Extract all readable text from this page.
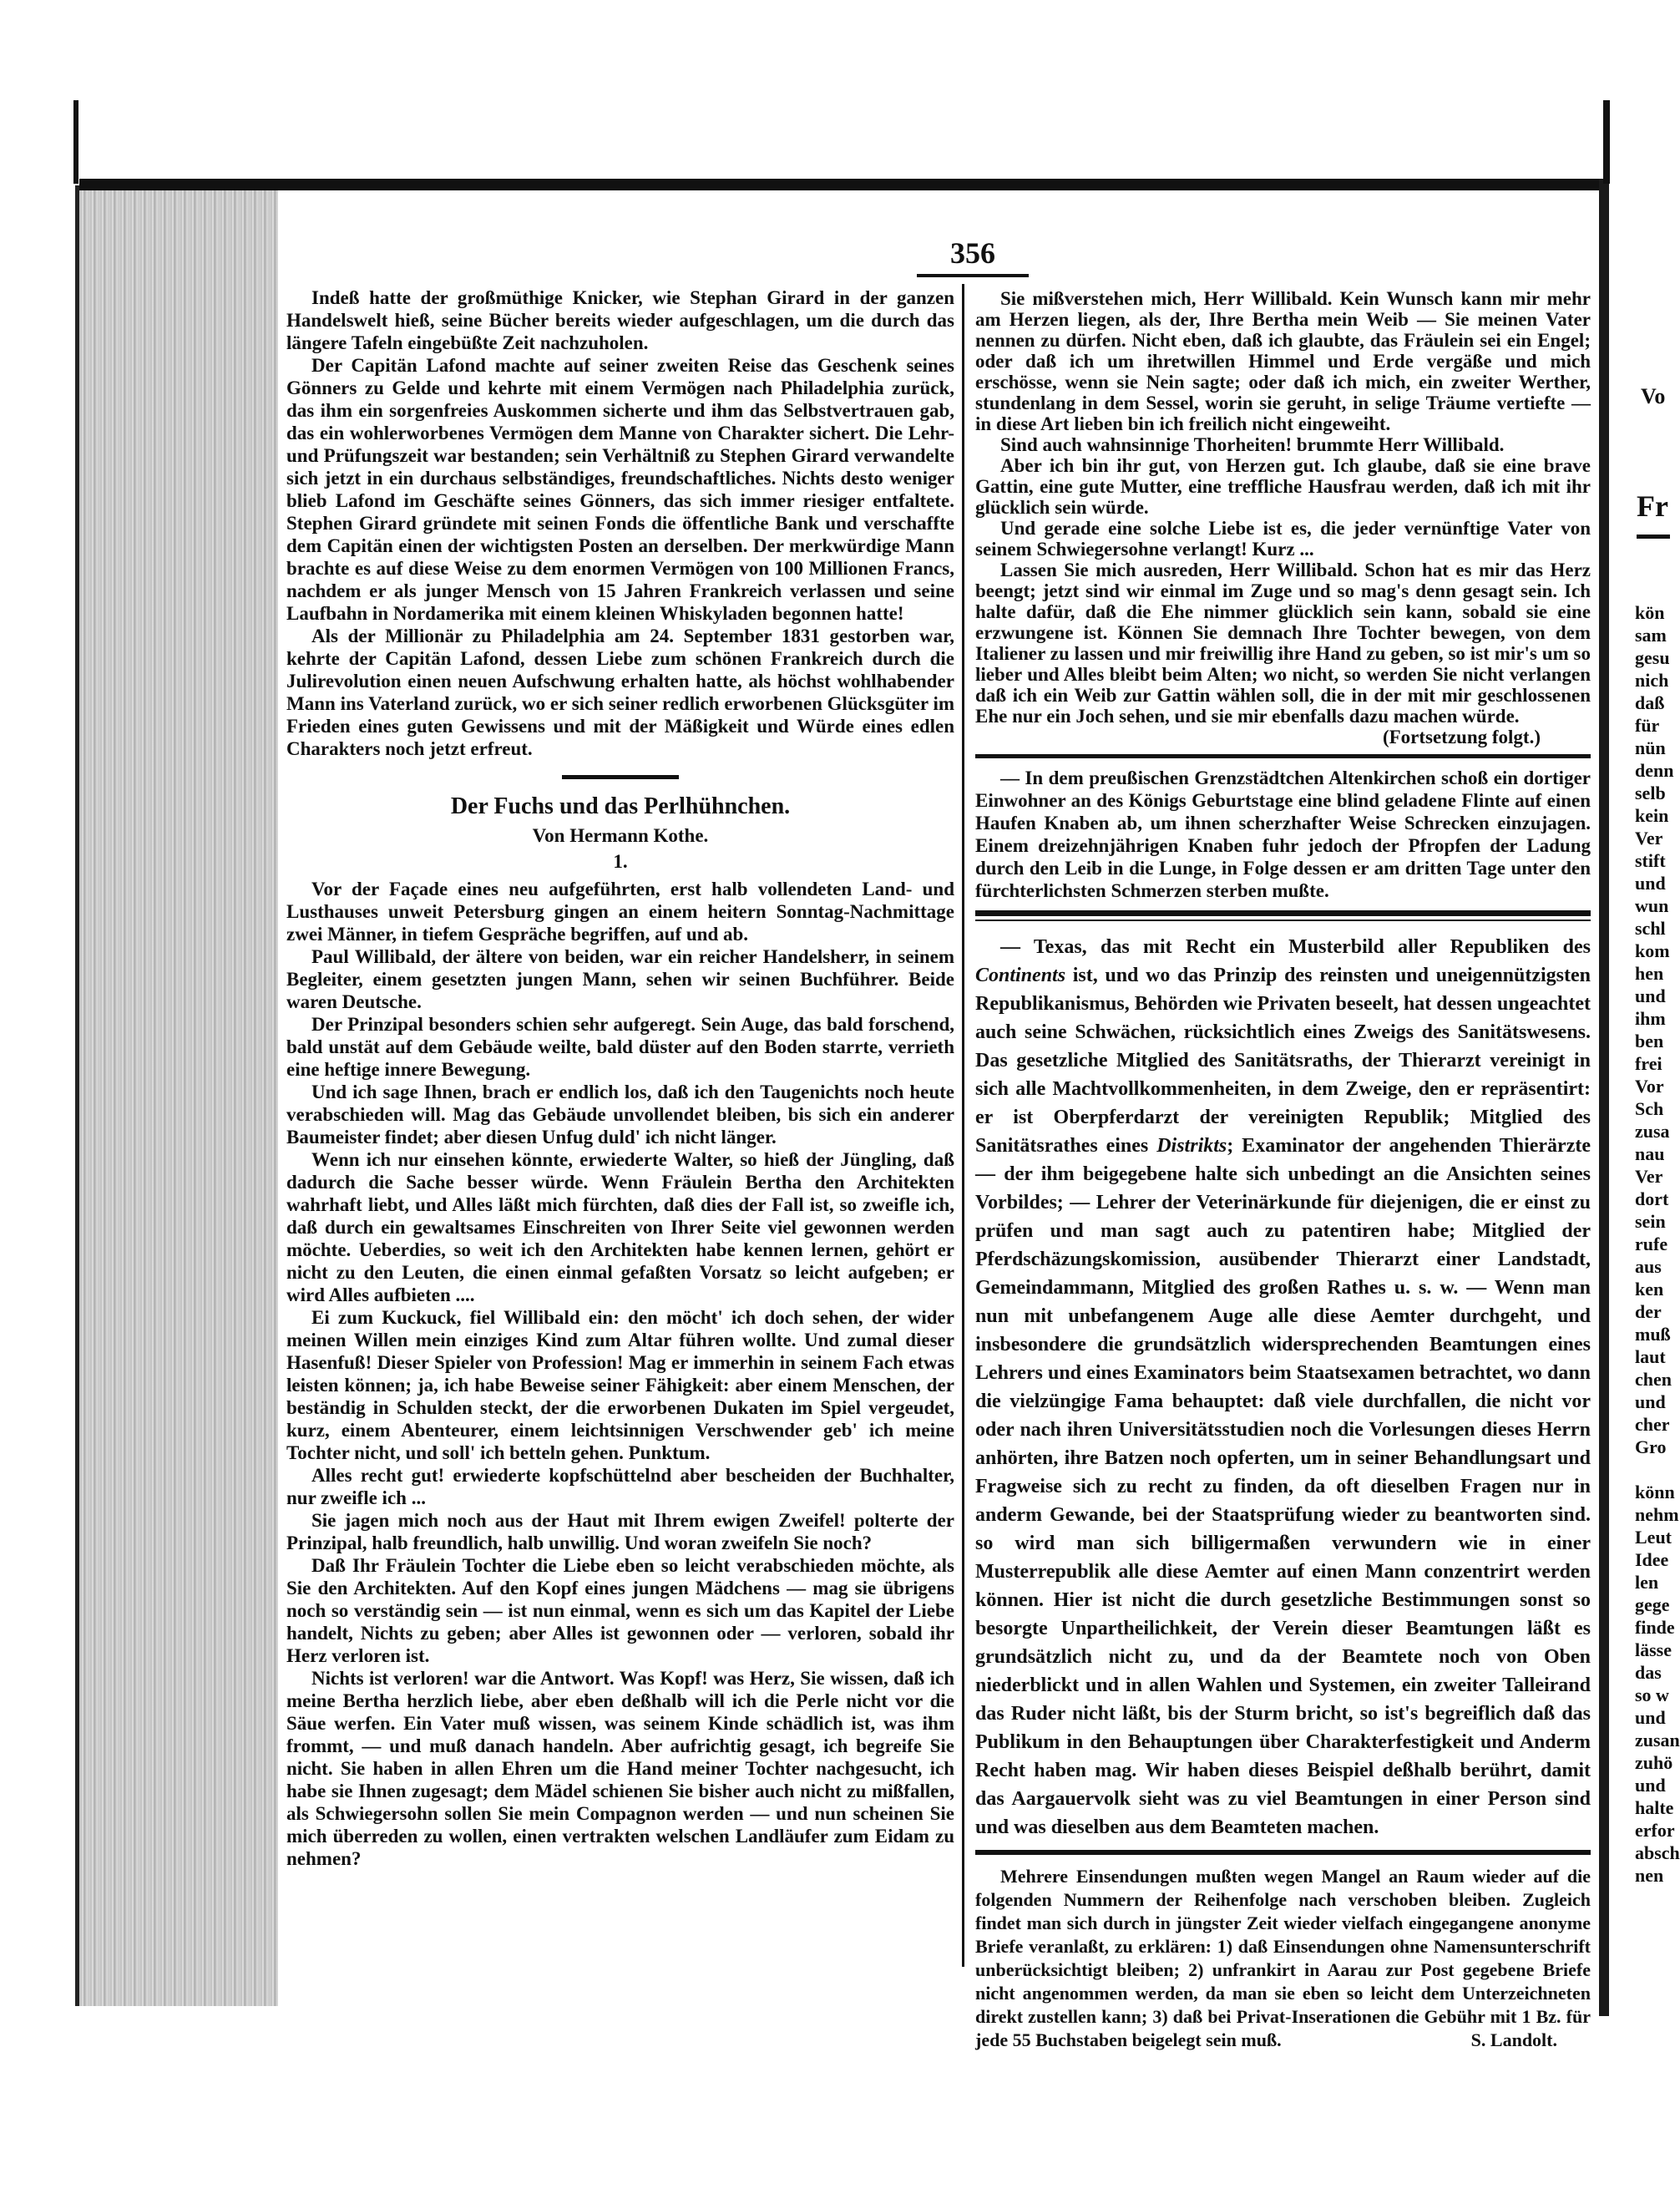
356

Indeß hatte der großmüthige Knicker, wie Stephan Girard in der ganzen Handelswelt hieß, seine Bücher bereits wieder aufgeschlagen, um die durch das längere Tafeln eingebüßte Zeit nachzuholen.

Der Capitän Lafond machte auf seiner zweiten Reise das Geschenk seines Gönners zu Gelde und kehrte mit einem Vermögen nach Philadelphia zurück, das ihm ein sorgenfreies Auskommen sicherte und ihm das Selbstvertrauen gab, das ein wohlerworbenes Vermögen dem Manne von Charakter sichert. Die Lehr- und Prüfungszeit war bestanden; sein Verhältniß zu Stephen Girard verwandelte sich jetzt in ein durchaus selbständiges, freundschaftliches. Nichts desto weniger blieb Lafond im Geschäfte seines Gönners, das sich immer riesiger entfaltete. Stephen Girard gründete mit seinen Fonds die öffentliche Bank und verschaffte dem Capitän einen der wichtigsten Posten an derselben. Der merkwürdige Mann brachte es auf diese Weise zu dem enormen Vermögen von 100 Millionen Francs, nachdem er als junger Mensch von 15 Jahren Frankreich verlassen und seine Laufbahn in Nordamerika mit einem kleinen Whiskyladen begonnen hatte!

Als der Millionär zu Philadelphia am 24. September 1831 gestorben war, kehrte der Capitän Lafond, dessen Liebe zum schönen Frankreich durch die Julirevolution einen neuen Aufschwung erhalten hatte, als höchst wohlhabender Mann ins Vaterland zurück, wo er sich seiner redlich erworbenen Glücksgüter im Frieden eines guten Gewissens und mit der Mäßigkeit und Würde eines edlen Charakters noch jetzt erfreut.

Der Fuchs und das Perlhühnchen.

Von Hermann Kothe.

1.

Vor der Façade eines neu aufgeführten, erst halb vollendeten Land- und Lusthauses unweit Petersburg gingen an einem heitern Sonntag-Nachmittage zwei Männer, in tiefem Gespräche begriffen, auf und ab.

Paul Willibald, der ältere von beiden, war ein reicher Handelsherr, in seinem Begleiter, einem gesetzten jungen Mann, sehen wir seinen Buchführer. Beide waren Deutsche.

Der Prinzipal besonders schien sehr aufgeregt. Sein Auge, das bald forschend, bald unstät auf dem Gebäude weilte, bald düster auf den Boden starrte, verrieth eine heftige innere Bewegung.

Und ich sage Ihnen, brach er endlich los, daß ich den Taugenichts noch heute verabschieden will. Mag das Gebäude unvollendet bleiben, bis sich ein anderer Baumeister findet; aber diesen Unfug duld' ich nicht länger.

Wenn ich nur einsehen könnte, erwiederte Walter, so hieß der Jüngling, daß dadurch die Sache besser würde. Wenn Fräulein Bertha den Architekten wahrhaft liebt, und Alles läßt mich fürchten, daß dies der Fall ist, so zweifle ich, daß durch ein gewaltsames Einschreiten von Ihrer Seite viel gewonnen werden möchte. Ueberdies, so weit ich den Architekten habe kennen lernen, gehört er nicht zu den Leuten, die einen einmal gefaßten Vorsatz so leicht aufgeben; er wird Alles aufbieten ....

Ei zum Kuckuck, fiel Willibald ein: den möcht' ich doch sehen, der wider meinen Willen mein einziges Kind zum Altar führen wollte. Und zumal dieser Hasenfuß! Dieser Spieler von Profession! Mag er immerhin in seinem Fach etwas leisten können; ja, ich habe Beweise seiner Fähigkeit: aber einem Menschen, der beständig in Schulden steckt, der die erworbenen Dukaten im Spiel vergeudet, kurz, einem Abenteurer, einem leichtsinnigen Verschwender geb' ich meine Tochter nicht, und soll' ich betteln gehen. Punktum.

Alles recht gut! erwiederte kopfschüttelnd aber bescheiden der Buchhalter, nur zweifle ich ...

Sie jagen mich noch aus der Haut mit Ihrem ewigen Zweifel! polterte der Prinzipal, halb freundlich, halb unwillig. Und woran zweifeln Sie noch?

Daß Ihr Fräulein Tochter die Liebe eben so leicht verabschieden möchte, als Sie den Architekten. Auf den Kopf eines jungen Mädchens — mag sie übrigens noch so verständig sein — ist nun einmal, wenn es sich um das Kapitel der Liebe handelt, Nichts zu geben; aber Alles ist gewonnen oder — verloren, sobald ihr Herz verloren ist.

Nichts ist verloren! war die Antwort. Was Kopf! was Herz, Sie wissen, daß ich meine Bertha herzlich liebe, aber eben deßhalb will ich die Perle nicht vor die Säue werfen. Ein Vater muß wissen, was seinem Kinde schädlich ist, was ihm frommt, — und muß danach handeln. Aber aufrichtig gesagt, ich begreife Sie nicht. Sie haben in allen Ehren um die Hand meiner Tochter nachgesucht, ich habe sie Ihnen zugesagt; dem Mädel schienen Sie bisher auch nicht zu mißfallen, als Schwiegersohn sollen Sie mein Compagnon werden — und nun scheinen Sie mich überreden zu wollen, einen vertrakten welschen Landläufer zum Eidam zu nehmen?

Sie mißverstehen mich, Herr Willibald. Kein Wunsch kann mir mehr am Herzen liegen, als der, Ihre Bertha mein Weib — Sie meinen Vater nennen zu dürfen. Nicht eben, daß ich glaubte, das Fräulein sei ein Engel; oder daß ich um ihretwillen Himmel und Erde vergäße und mich erschösse, wenn sie Nein sagte; oder daß ich mich, ein zweiter Werther, stundenlang in dem Sessel, worin sie geruht, in selige Träume vertiefte — in diese Art lieben bin ich freilich nicht eingeweiht.

Sind auch wahnsinnige Thorheiten! brummte Herr Willibald.

Aber ich bin ihr gut, von Herzen gut. Ich glaube, daß sie eine brave Gattin, eine gute Mutter, eine treffliche Hausfrau werden, daß ich mit ihr glücklich sein würde.

Und gerade eine solche Liebe ist es, die jeder vernünftige Vater von seinem Schwiegersohne verlangt! Kurz ...

Lassen Sie mich ausreden, Herr Willibald. Schon hat es mir das Herz beengt; jetzt sind wir einmal im Zuge und so mag's denn gesagt sein. Ich halte dafür, daß die Ehe nimmer glücklich sein kann, sobald sie eine erzwungene ist. Können Sie demnach Ihre Tochter bewegen, von dem Italiener zu lassen und mir freiwillig ihre Hand zu geben, so ist mir's um so lieber und Alles bleibt beim Alten; wo nicht, so werden Sie nicht verlangen daß ich ein Weib zur Gattin wählen soll, die in der mit mir geschlossenen Ehe nur ein Joch sehen, und sie mir ebenfalls dazu machen würde.

(Fortsetzung folgt.)

— In dem preußischen Grenzstädtchen Altenkirchen schoß ein dortiger Einwohner an des Königs Geburtstage eine blind geladene Flinte auf einen Haufen Knaben ab, um ihnen scherzhafter Weise Schrecken einzujagen. Einem dreizehnjährigen Knaben fuhr jedoch der Pfropfen der Ladung durch den Leib in die Lunge, in Folge dessen er am dritten Tage unter den fürchterlichsten Schmerzen sterben mußte.

— Texas, das mit Recht ein Musterbild aller Republiken des Continents ist, und wo das Prinzip des reinsten und uneigennützigsten Republikanismus, Behörden wie Privaten beseelt, hat dessen ungeachtet auch seine Schwächen, rücksichtlich eines Zweigs des Sanitätswesens. Das gesetzliche Mitglied des Sanitätsraths, der Thierarzt vereinigt in sich alle Machtvollkommenheiten, in dem Zweige, den er repräsentirt: er ist Oberpferdarzt der vereinigten Republik; Mitglied des Sanitätsrathes eines Distrikts; Examinator der angehenden Thierärzte — der ihm beigegebene halte sich unbedingt an die Ansichten seines Vorbildes; — Lehrer der Veterinärkunde für diejenigen, die er einst zu prüfen und man sagt auch zu patentiren habe; Mitglied der Pferdschäzungskomission, ausübender Thierarzt einer Landstadt, Gemeindammann, Mitglied des großen Rathes u. s. w. — Wenn man nun mit unbefangenem Auge alle diese Aemter durchgeht, und insbesondere die grundsätzlich widersprechenden Beamtungen eines Lehrers und eines Examinators beim Staatsexamen betrachtet, wo dann die vielzüngige Fama behauptet: daß viele durchfallen, die nicht vor oder nach ihren Universitätsstudien noch die Vorlesungen dieses Herrn anhörten, ihre Batzen noch opferten, um in seiner Behandlungsart und Fragweise sich zu recht zu finden, da oft dieselben Fragen nur in anderm Gewande, bei der Staatsprüfung wieder zu beantworten sind. so wird man sich billigermaßen verwundern wie in einer Musterrepublik alle diese Aemter auf einen Mann conzentrirt werden können. Hier ist nicht die durch gesetzliche Bestimmungen sonst so besorgte Unpartheilichkeit, der Verein dieser Beamtungen läßt es grundsätzlich nicht zu, und da der Beamtete noch von Oben niederblickt und in allen Wahlen und Systemen, ein zweiter Talleirand das Ruder nicht läßt, bis der Sturm bricht, so ist's begreiflich daß das Publikum in den Behauptungen über Charakterfestigkeit und Anderm Recht haben mag. Wir haben dieses Beispiel deßhalb berührt, damit das Aargauervolk sieht was zu viel Beamtungen in einer Person sind und was dieselben aus dem Beamteten machen.

Mehrere Einsendungen mußten wegen Mangel an Raum wieder auf die folgenden Nummern der Reihenfolge nach verschoben bleiben. Zugleich findet man sich durch in jüngster Zeit wieder vielfach eingegangene anonyme Briefe veranlaßt, zu erklären: 1) daß Einsendungen ohne Namensunterschrift unberücksichtigt bleiben; 2) unfrankirt in Aarau zur Post gegebene Briefe nicht angenommen werden, da man sie eben so leicht dem Unterzeichneten direkt zustellen kann; 3) daß bei Privat-Inserationen die Gebühr mit 1 Bz. für jede 55 Buchstaben beigelegt sein muß.	S. Landolt.

Vo
Fr
kön
sam
gesu
nich
daß
für
nün
denn
selb
kein
Ver
stift
und
wun
schl
kom
hen
und
ihm
ben
frei
Vor
Sch
zusa
nau
Ver
dort
sein
rufe
aus
ken
der
muß
laut
chen
und
cher
Gro
könn
nehm
Leut
Idee
len
gege
finde
lässe
das
so w
und
zusan
zuhö
und
halte
erfor
absch
nen
